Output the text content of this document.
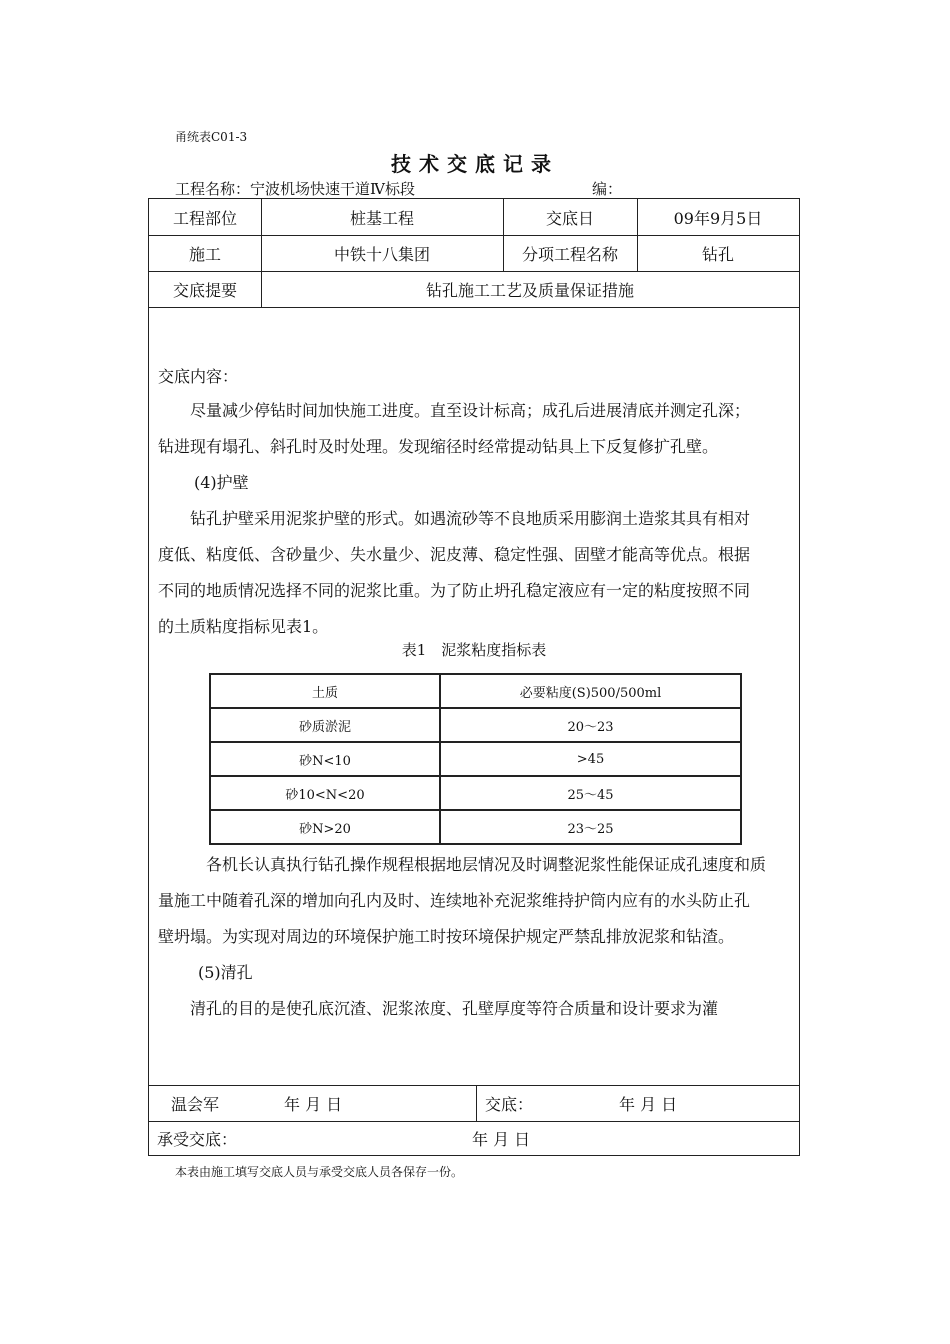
甬统表C01-3
技术交底记录
工程名称：宁波机场快速干道Ⅳ标段	编：
工程部位	桩基工程	交底日	09年9月5日
施工	中铁十八集团	分项工程名称	钻孔
交底提要	钻孔施工工艺及质量保证措施
交底内容：
尽量减少停钻时间加快施工进度。直至设计标高；成孔后进展清底并测定孔深；
钻进现有塌孔、斜孔时及时处理。发现缩径时经常提动钻具上下反复修扩孔壁。
(4)护壁
钻孔护壁采用泥浆护壁的形式。如遇流砂等不良地质采用膨润土造浆其具有相对
度低、粘度低、含砂量少、失水量少、泥皮薄、稳定性强、固壁才能高等优点。根据
不同的地质情况选择不同的泥浆比重。为了防止坍孔稳定液应有一定的粘度按照不同
的土质粘度指标见表1。
表1　泥浆粘度指标表
土质	必要粘度(S)500/500ml
砂质淤泥	20～23
砂N<10	>45
砂10<N<20	25～45
砂N>20	23～25
各机长认真执行钻孔操作规程根据地层情况及时调整泥浆性能保证成孔速度和质
量施工中随着孔深的增加向孔内及时、连续地补充泥浆维持护筒内应有的水头防止孔
壁坍塌。为实现对周边的环境保护施工时按环境保护规定严禁乱排放泥浆和钻渣。
(5)清孔
清孔的目的是使孔底沉渣、泥浆浓度、孔壁厚度等符合质量和设计要求为灌
温会军	年 月 日	交底：	年 月 日
承受交底：	年 月 日
本表由施工填写交底人员与承受交底人员各保存一份。
